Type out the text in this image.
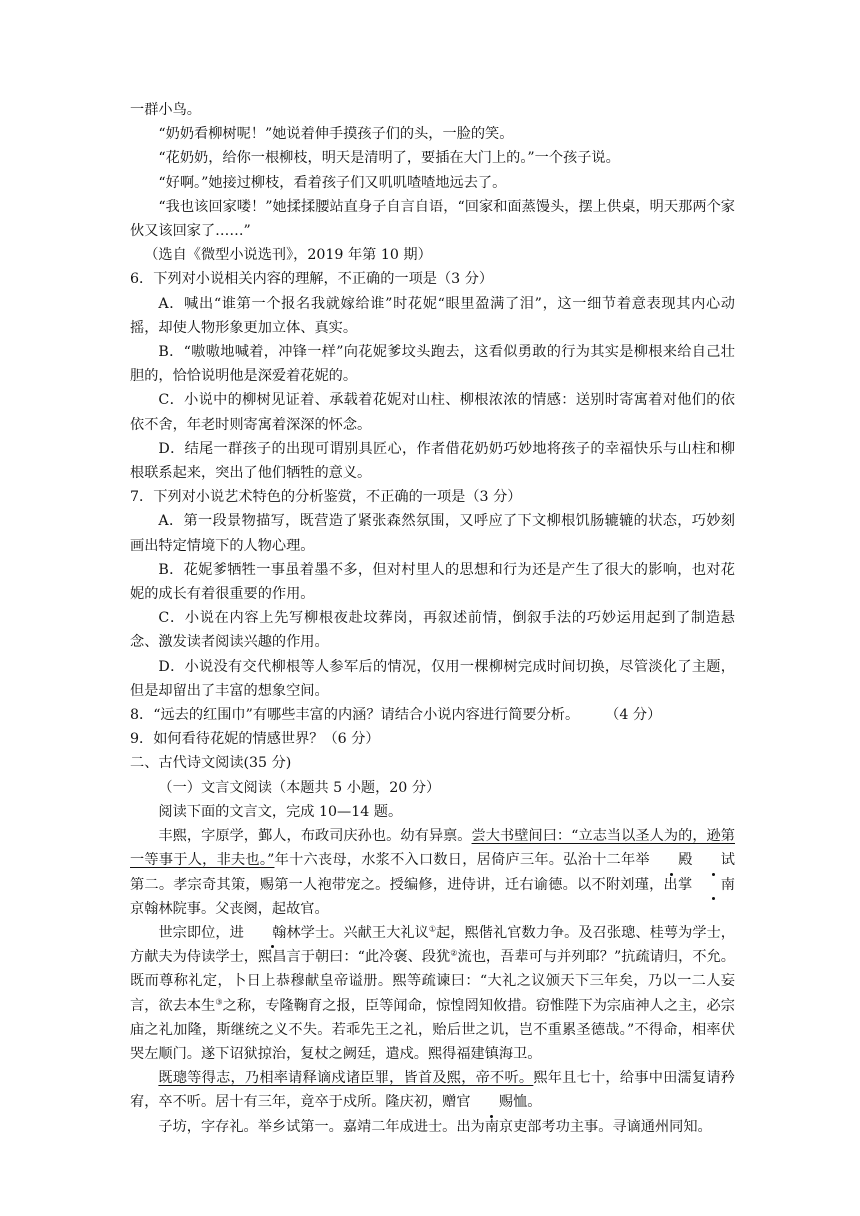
一群小鸟。

“奶奶看柳树呢！”她说着伸手摸孩子们的头，一脸的笑。

“花奶奶，给你一根柳枝，明天是清明了，要插在大门上的。”一个孩子说。

“好啊。”她接过柳枝，看着孩子们又叽叽喳喳地远去了。

“我也该回家喽！”她揉揉腰站直身子自言自语，“回家和面蒸馒头，摆上供桌，明天那两个家伙又该回家了……”

（选自《微型小说选刊》，2019 年第 10 期）

6．下列对小说相关内容的理解，不正确的一项是（3 分）

A．喊出“谁第一个报名我就嫁给谁”时花妮“眼里盈满了泪”，这一细节着意表现其内心动摇，却使人物形象更加立体、真实。

B．“嗷嗷地喊着，冲锋一样”向花妮爹坟头跑去，这看似勇敢的行为其实是柳根来给自己壮胆的，恰恰说明他是深爱着花妮的。

C．小说中的柳树见证着、承载着花妮对山柱、柳根浓浓的情感：送别时寄寓着对他们的依依不舍，年老时则寄寓着深深的怀念。

D．结尾一群孩子的出现可谓别具匠心，作者借花奶奶巧妙地将孩子的幸福快乐与山柱和柳根联系起来，突出了他们牺牲的意义。

7．下列对小说艺术特色的分析鉴赏，不正确的一项是（3 分）

A．第一段景物描写，既营造了紧张森然氛围，又呼应了下文柳根饥肠辘辘的状态，巧妙刻画出特定情境下的人物心理。

B．花妮爹牺牲一事虽着墨不多，但对村里人的思想和行为还是产生了很大的影响，也对花妮的成长有着很重要的作用。

C．小说在内容上先写柳根夜赴坟葬岗，再叙述前情，倒叙手法的巧妙运用起到了制造悬念、激发读者阅读兴趣的作用。

D．小说没有交代柳根等人参军后的情况，仅用一棵柳树完成时间切换，尽管淡化了主题，但是却留出了丰富的想象空间。

8．“远去的红围巾”有哪些丰富的内涵？请结合小说内容进行简要分析。 （4 分）

9．如何看待花妮的情感世界？（6 分）

二、古代诗文阅读(35 分)

（一）文言文阅读（本题共 5 小题，20 分）

阅读下面的文言文，完成 10—14 题。

丰熙，字原学，鄞人，布政司庆孙也。幼有异禀。尝大书壁间曰：“立志当以圣人为的，逊第一等事于人，非夫也。”年十六丧母，水浆不入口数日，居倚庐三年。弘治十二年举 殿 试第二。孝宗奇其策，赐第一人袍带宠之。授编修，进侍讲，迁右谕德。以不附刘瑾，出掌 南京翰林院事。父丧阕，起故官。

世宗即位，进 翰林学士。兴献王大礼议①起，熙偕礼官数力争。及召张璁、桂萼为学士，方献夫为侍读学士，熙昌言于朝曰：“此冷褒、段犹②流也，吾辈可与并列耶？”抗疏请归，不允。既而尊称礼定，卜日上恭穆献皇帝谥册。熙等疏谏曰：“大礼之议颁天下三年矣，乃以一二人妄言，欲去本生③之称，专隆鞠育之报，臣等闻命，惊惶罔知攸措。窃惟陛下为宗庙神人之主，必宗庙之礼加隆，斯继统之义不失。若乖先王之礼，贻后世之讥，岂不重累圣德哉。”不得命，相率伏哭左顺门。遂下诏狱掠治，复杖之阙廷，遣戍。熙得福建镇海卫。

既璁等得志，乃相率请释谪戍诸臣罪，皆首及熙，帝不听。熙年且七十，给事中田濡复请矜宥，卒不听。居十有三年，竟卒于戍所。隆庆初，赠官 赐恤。

子坊，字存礼。举乡试第一。嘉靖二年成进士。出为南京吏部考功主事。寻谪通州同知。
